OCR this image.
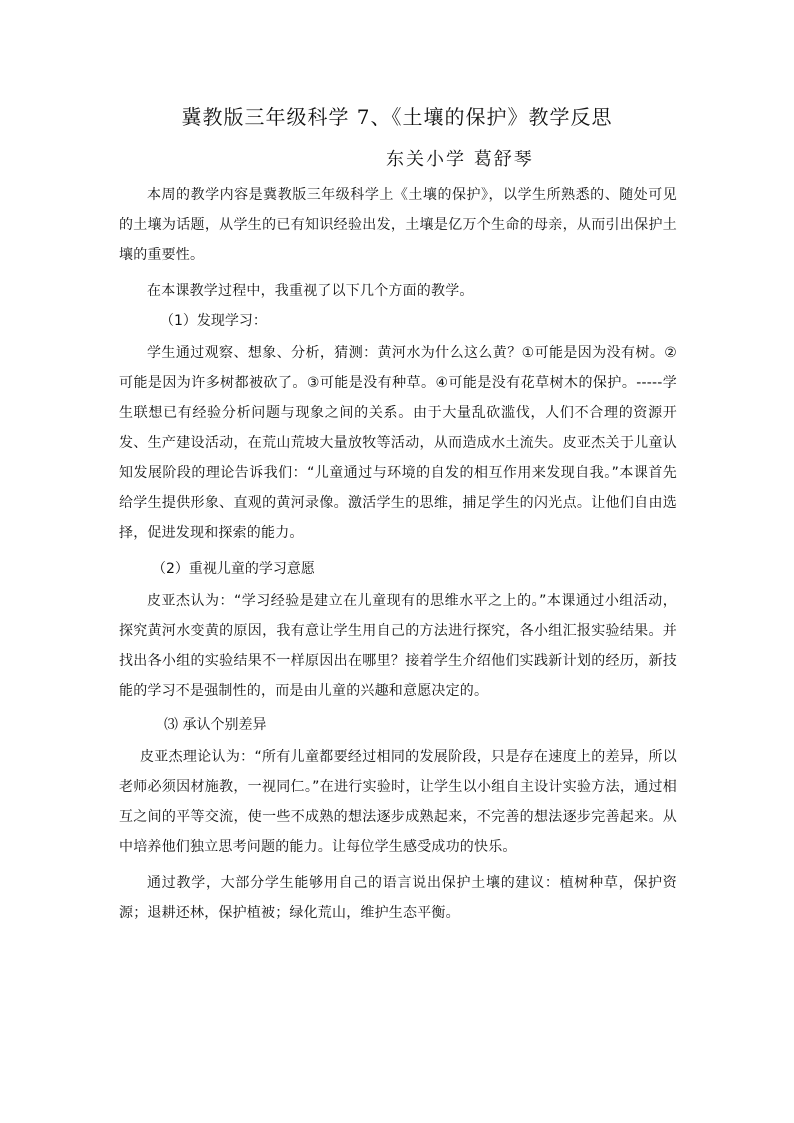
冀教版三年级科学 7、《土壤的保护》教学反思
东关小学 葛舒琴

本周的教学内容是冀教版三年级科学上《土壤的保护》，以学生所熟悉的、随处可见的土壤为话题，从学生的已有知识经验出发，土壤是亿万个生命的母亲，从而引出保护土壤的重要性。

在本课教学过程中，我重视了以下几个方面的教学。

（1）发现学习：

学生通过观察、想象、分析，猜测：黄河水为什么这么黄？①可能是因为没有树。②可能是因为许多树都被砍了。③可能是没有种草。④可能是没有花草树木的保护。-----学生联想已有经验分析问题与现象之间的关系。由于大量乱砍滥伐，人们不合理的资源开发、生产建设活动，在荒山荒坡大量放牧等活动，从而造成水土流失。皮亚杰关于儿童认知发展阶段的理论告诉我们：“儿童通过与环境的自发的相互作用来发现自我。”本课首先给学生提供形象、直观的黄河录像。激活学生的思维，捕足学生的闪光点。让他们自由选择，促进发现和探索的能力。

（2）重视儿童的学习意愿

皮亚杰认为：“学习经验是建立在儿童现有的思维水平之上的。”本课通过小组活动，探究黄河水变黄的原因，我有意让学生用自己的方法进行探究，各小组汇报实验结果。并找出各小组的实验结果不一样原因出在哪里？接着学生介绍他们实践新计划的经历，新技能的学习不是强制性的，而是由儿童的兴趣和意愿决定的。

⑶ 承认个别差异

皮亚杰理论认为：“所有儿童都要经过相同的发展阶段，只是存在速度上的差异，所以老师必须因材施教，一视同仁。”在进行实验时，让学生以小组自主设计实验方法，通过相互之间的平等交流，使一些不成熟的想法逐步成熟起来，不完善的想法逐步完善起来。从中培养他们独立思考问题的能力。让每位学生感受成功的快乐。

通过教学，大部分学生能够用自己的语言说出保护土壤的建议：植树种草，保护资源；退耕还林，保护植被；绿化荒山，维护生态平衡。
